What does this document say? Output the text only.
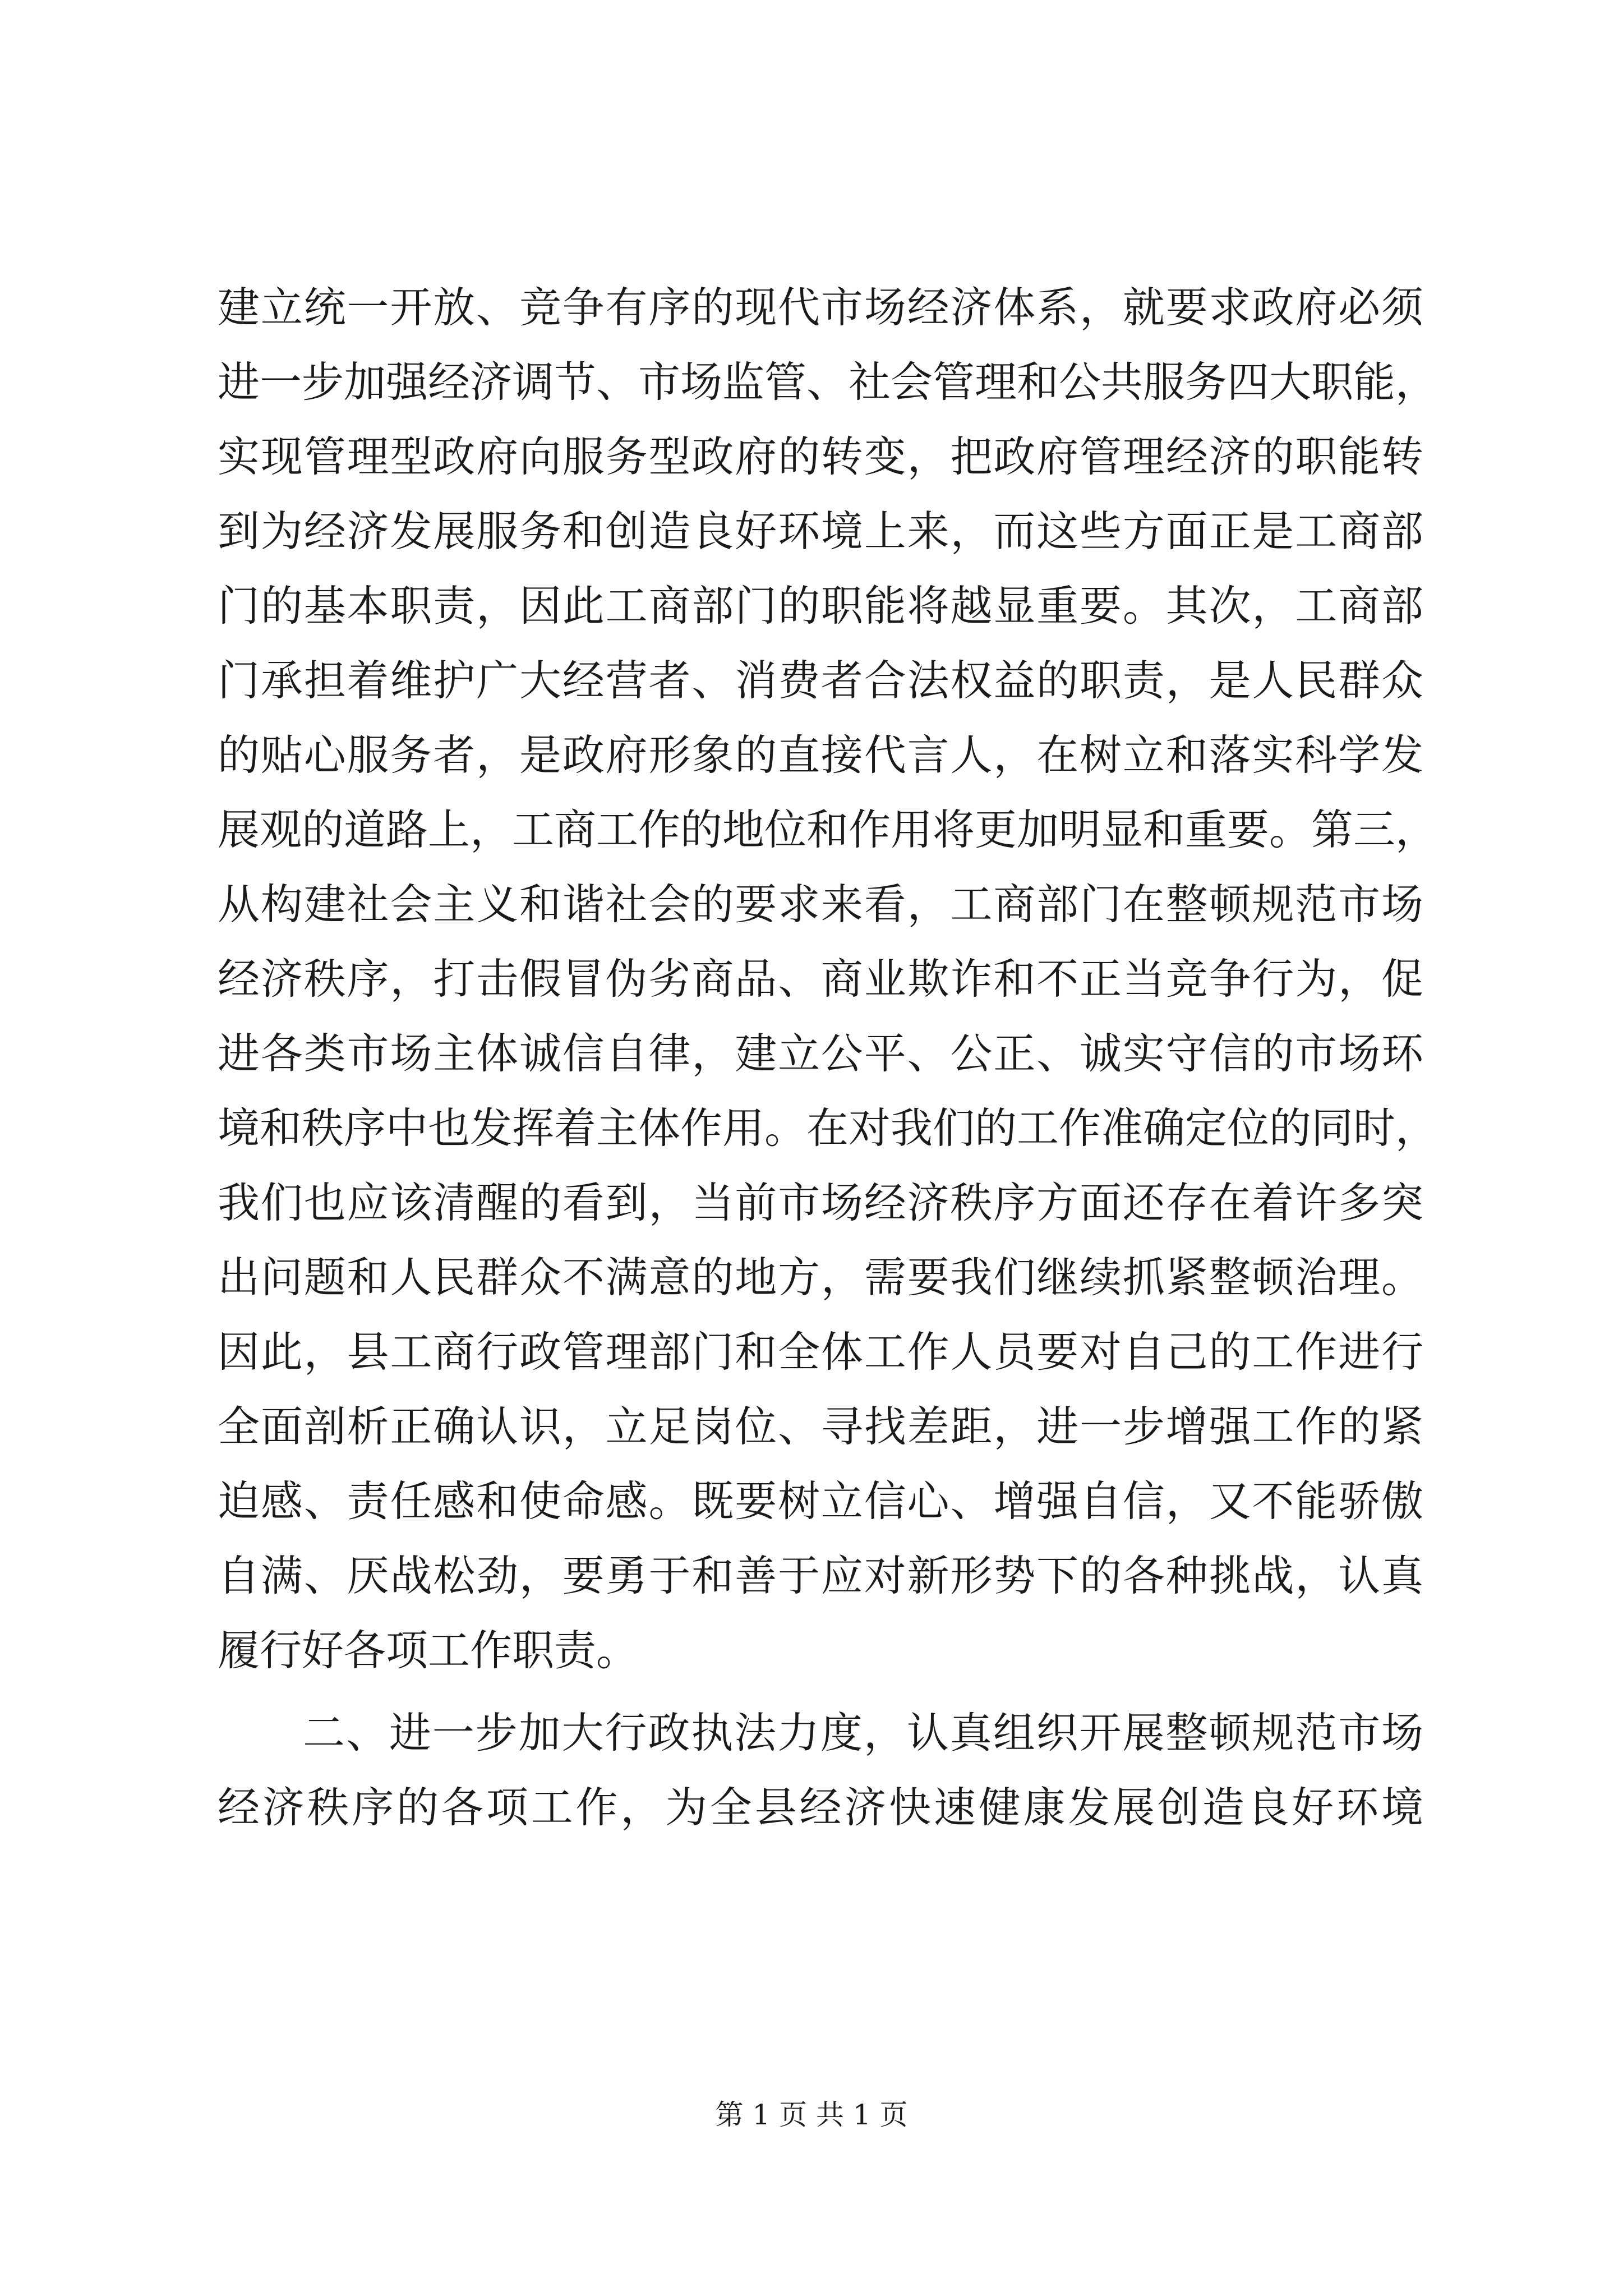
建立统一开放、竞争有序的现代市场经济体系，就要求政府必须
进一步加强经济调节、市场监管、社会管理和公共服务四大职能，
实现管理型政府向服务型政府的转变，把政府管理经济的职能转
到为经济发展服务和创造良好环境上来，而这些方面正是工商部
门的基本职责，因此工商部门的职能将越显重要。其次，工商部
门承担着维护广大经营者、消费者合法权益的职责，是人民群众
的贴心服务者，是政府形象的直接代言人，在树立和落实科学发
展观的道路上，工商工作的地位和作用将更加明显和重要。第三，
从构建社会主义和谐社会的要求来看，工商部门在整顿规范市场
经济秩序，打击假冒伪劣商品、商业欺诈和不正当竞争行为，促
进各类市场主体诚信自律，建立公平、公正、诚实守信的市场环
境和秩序中也发挥着主体作用。在对我们的工作准确定位的同时，
我们也应该清醒的看到，当前市场经济秩序方面还存在着许多突
出问题和人民群众不满意的地方，需要我们继续抓紧整顿治理。
因此，县工商行政管理部门和全体工作人员要对自己的工作进行
全面剖析正确认识，立足岗位、寻找差距，进一步增强工作的紧
迫感、责任感和使命感。既要树立信心、增强自信，又不能骄傲
自满、厌战松劲，要勇于和善于应对新形势下的各种挑战，认真
履行好各项工作职责。
二、进一步加大行政执法力度，认真组织开展整顿规范市场
经济秩序的各项工作，为全县经济快速健康发展创造良好环境
第 1 页 共 1 页
